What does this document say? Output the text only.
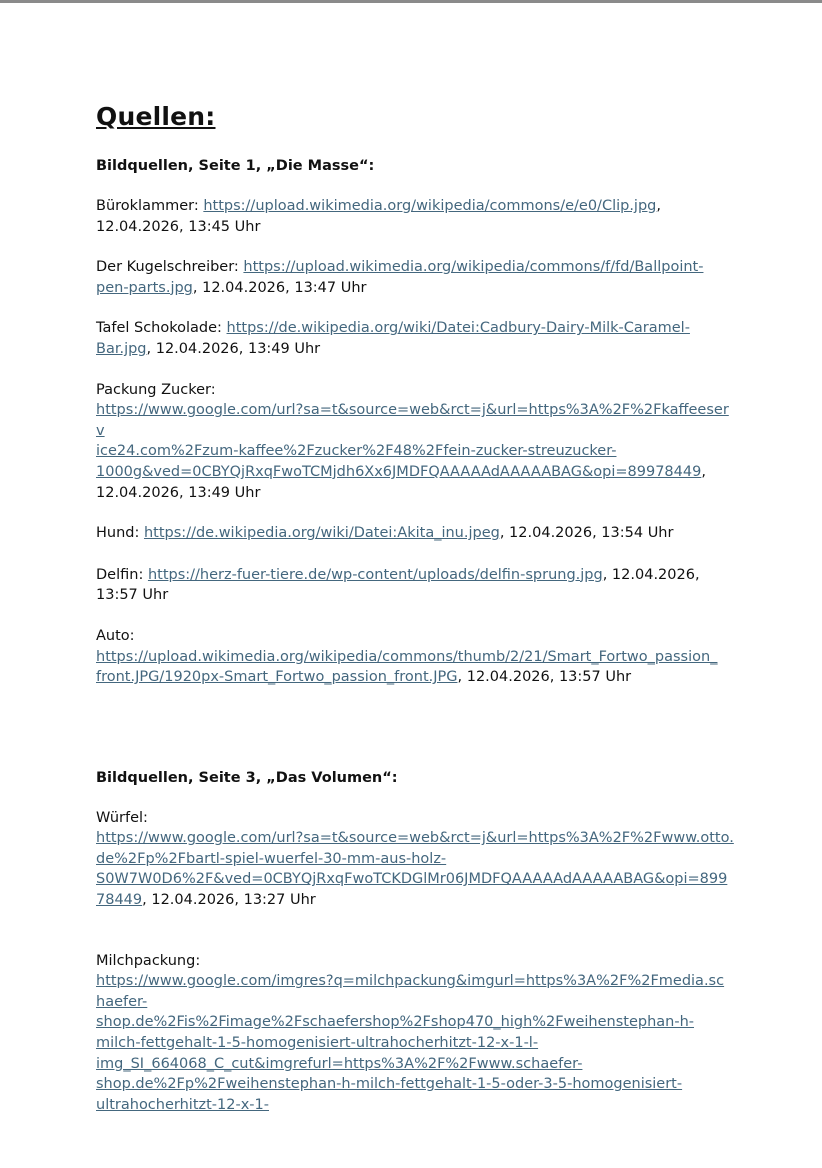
Quellen:

Bildquellen, Seite 1, „Die Masse“:

Büroklammer: https://upload.wikimedia.org/wikipedia/commons/e/e0/Clip.jpg,
12.04.2026, 13:45 Uhr

Der Kugelschreiber: https://upload.wikimedia.org/wikipedia/commons/f/fd/Ballpoint-
pen-parts.jpg, 12.04.2026, 13:47 Uhr

Tafel Schokolade: https://de.wikipedia.org/wiki/Datei:Cadbury-Dairy-Milk-Caramel-
Bar.jpg, 12.04.2026, 13:49 Uhr

Packung Zucker:
https://www.google.com/url?sa=t&source=web&rct=j&url=https%3A%2F%2Fkaffeeserv
ice24.com%2Fzum-kaffee%2Fzucker%2F48%2Ffein-zucker-streuzucker-
1000g&ved=0CBYQjRxqFwoTCMjdh6Xx6JMDFQAAAAAdAAAAABAG&opi=89978449,
12.04.2026, 13:49 Uhr

Hund: https://de.wikipedia.org/wiki/Datei:Akita_inu.jpeg, 12.04.2026, 13:54 Uhr

Delfin: https://herz-fuer-tiere.de/wp-content/uploads/delfin-sprung.jpg, 12.04.2026,
13:57 Uhr

Auto:
https://upload.wikimedia.org/wikipedia/commons/thumb/2/21/Smart_Fortwo_passion_
front.JPG/1920px-Smart_Fortwo_passion_front.JPG, 12.04.2026, 13:57 Uhr

Bildquellen, Seite 3, „Das Volumen“:

Würfel:
https://www.google.com/url?sa=t&source=web&rct=j&url=https%3A%2F%2Fwww.otto.
de%2Fp%2Fbartl-spiel-wuerfel-30-mm-aus-holz-
S0W7W0D6%2F&ved=0CBYQjRxqFwoTCKDGlMr06JMDFQAAAAAdAAAAABAG&opi=899
78449, 12.04.2026, 13:27 Uhr

Milchpackung:
https://www.google.com/imgres?q=milchpackung&imgurl=https%3A%2F%2Fmedia.sc
haefer-
shop.de%2Fis%2Fimage%2Fschaefershop%2Fshop470_high%2Fweihenstephan-h-
milch-fettgehalt-1-5-homogenisiert-ultrahocherhitzt-12-x-1-l-
img_SI_664068_C_cut&imgrefurl=https%3A%2F%2Fwww.schaefer-
shop.de%2Fp%2Fweihenstephan-h-milch-fettgehalt-1-5-oder-3-5-homogenisiert-
ultrahocherhitzt-12-x-1-
